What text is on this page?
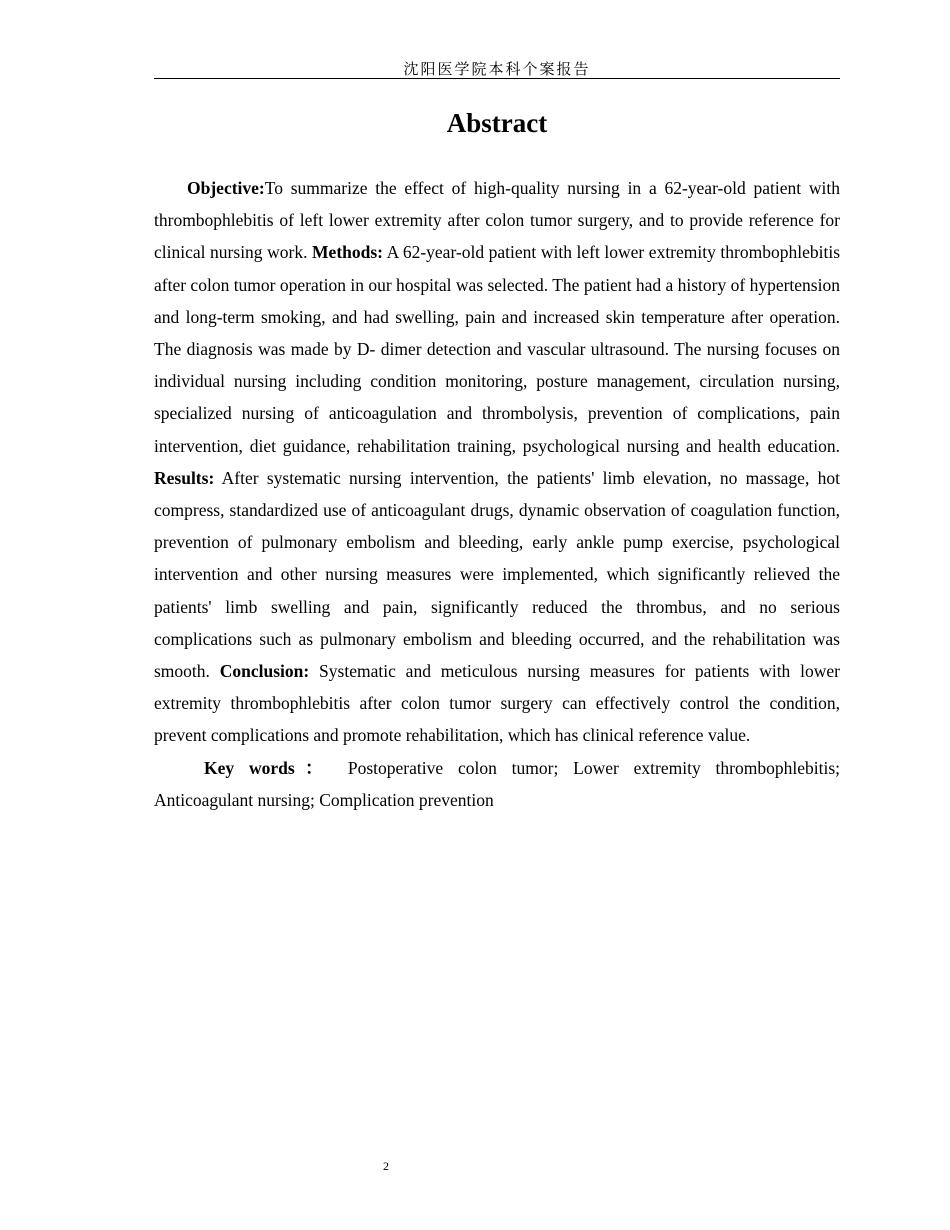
沈阳医学院本科个案报告
Abstract

Objective:To summarize the effect of high-quality nursing in a 62-year-old patient with thrombophlebitis of left lower extremity after colon tumor surgery, and to provide reference for clinical nursing work. Methods: A 62-year-old patient with left lower extremity thrombophlebitis after colon tumor operation in our hospital was selected. The patient had a history of hypertension and long-term smoking, and had swelling, pain and increased skin temperature after operation. The diagnosis was made by D- dimer detection and vascular ultrasound. The nursing focuses on individual nursing including condition monitoring, posture management, circulation nursing, specialized nursing of anticoagulation and thrombolysis, prevention of complications, pain intervention, diet guidance, rehabilitation training, psychological nursing and health education. Results: After systematic nursing intervention, the patients' limb elevation, no massage, hot compress, standardized use of anticoagulant drugs, dynamic observation of coagulation function, prevention of pulmonary embolism and bleeding, early ankle pump exercise, psychological intervention and other nursing measures were implemented, which significantly relieved the patients' limb swelling and pain, significantly reduced the thrombus, and no serious complications such as pulmonary embolism and bleeding occurred, and the rehabilitation was smooth. Conclusion: Systematic and meticulous nursing measures for patients with lower extremity thrombophlebitis after colon tumor surgery can effectively control the condition, prevent complications and promote rehabilitation, which has clinical reference value.

Key words： Postoperative colon tumor; Lower extremity thrombophlebitis; Anticoagulant nursing; Complication prevention

2
